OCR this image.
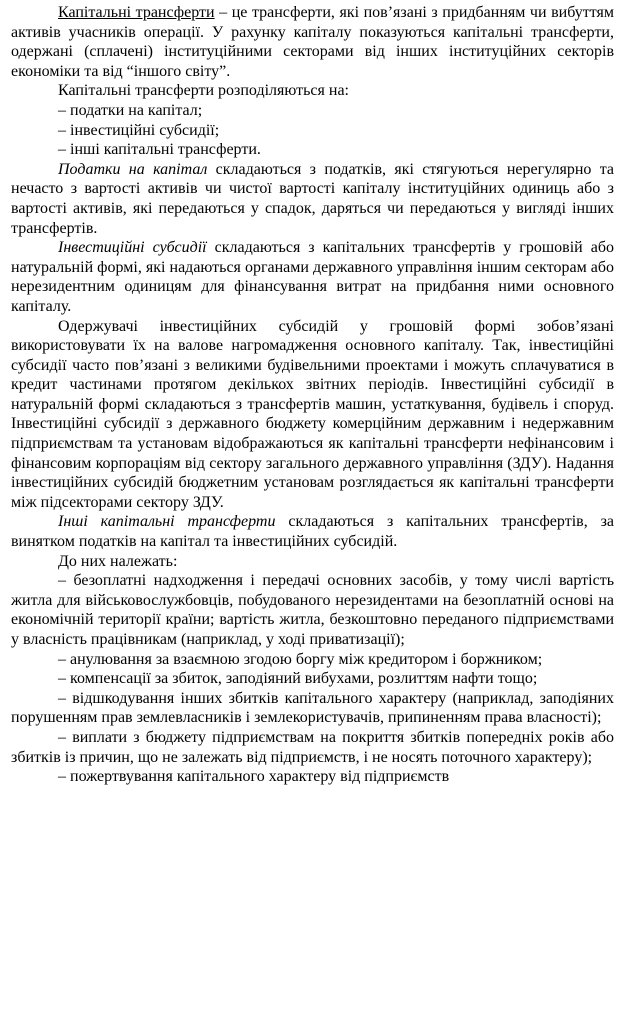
Капітальні трансферти – це трансферти, які пов’язані з придбанням чи вибуттям активів учасників операції. У рахунку капіталу показуються капітальні трансферти, одержані (сплачені) інституційними секторами від інших інституційних секторів економіки та від “іншого світу”.

Капітальні трансферти розподіляються на:

– податки на капітал;

– інвестиційні субсидії;

– інші капітальні трансферти.

Податки на капітал складаються з податків, які стягуються нерегулярно та нечасто з вартості активів чи чистої вартості капіталу інституційних одиниць або з вартості активів, які передаються у спадок, даряться чи передаються у вигляді інших трансфертів.

Інвестиційні субсидії складаються з капітальних трансфертів у грошовій або натуральній формі, які надаються органами державного управління іншим секторам або нерезидентним одиницям для фінансування витрат на придбання ними основного капіталу.

Одержувачі інвестиційних субсидій у грошовій формі зобов’язані використовувати їх на валове нагромадження основного капіталу. Так, інвестиційні субсидії часто пов’язані з великими будівельними проектами і можуть сплачуватися в кредит частинами протягом декількох звітних періодів. Інвестиційні субсидії в натуральній формі складаються з трансфертів машин, устаткування, будівель і споруд. Інвестиційні субсидії з державного бюджету комерційним державним і недержавним підприємствам та установам відображаються як капітальні трансферти нефінансовим і фінансовим корпораціям від сектору загального державного управління (ЗДУ). Надання інвестиційних субсидій бюджетним установам розглядається як капітальні трансферти між підсекторами сектору ЗДУ.

Інші капітальні трансферти складаються з капітальних трансфертів, за винятком податків на капітал та інвестиційних субсидій.

До них належать:

– безоплатні надходження і передачі основних засобів, у тому числі вартість житла для військовослужбовців, побудованого нерезидентами на безоплатній основі на економічній території країни; вартість житла, безкоштовно переданого підприємствами у власність працівникам (наприклад, у ході приватизації);

– анулювання за взаємною згодою боргу між кредитором і боржником;

– компенсації за збиток, заподіяний вибухами, розлиттям нафти тощо;

– відшкодування інших збитків капітального характеру (наприклад, заподіяних порушенням прав землевласників і землекористувачів, припиненням права власності);

– виплати з бюджету підприємствам на покриття збитків попередніх років або збитків із причин, що не залежать від підприємств, і не носять поточного характеру);

– пожертвування капітального характеру від підприємств
